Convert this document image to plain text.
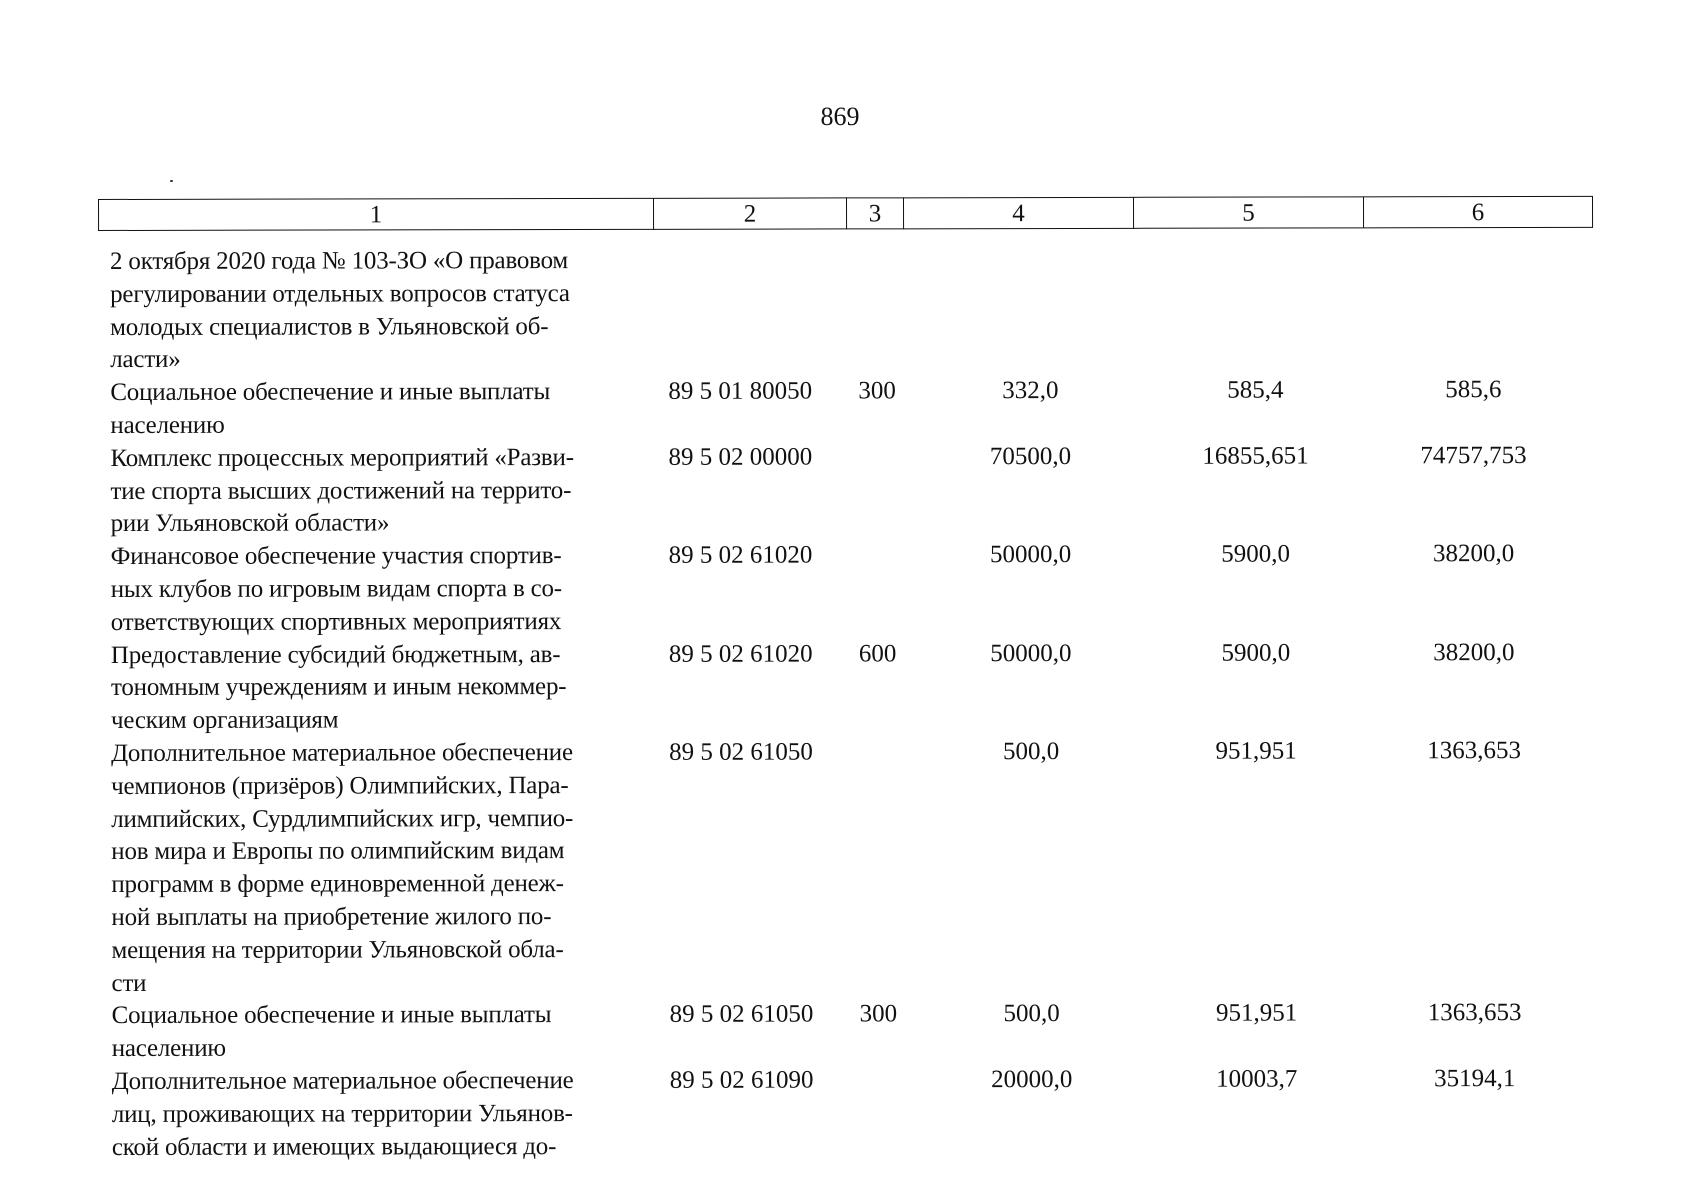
869
1	2	3	4	5	6
2 октября 2020 года № 103-ЗО «О правовом
регулировании отдельных вопросов статуса
молодых специалистов в Ульяновской об-
ласти»
Социальное обеспечение и иные выплаты
населению
89 5 01 80050	300	332,0	585,4	585,6
Комплекс процессных мероприятий «Разви-
тие спорта высших достижений на террито-
рии Ульяновской области»
89 5 02 00000	70500,0	16855,651	74757,753
Финансовое обеспечение участия спортив-
ных клубов по игровым видам спорта в со-
ответствующих спортивных мероприятиях
89 5 02 61020	50000,0	5900,0	38200,0
Предоставление субсидий бюджетным, ав-
тономным учреждениям и иным некоммер-
ческим организациям
89 5 02 61020	600	50000,0	5900,0	38200,0
Дополнительное материальное обеспечение
чемпионов (призёров) Олимпийских, Пара-
лимпийских, Сурдлимпийских игр, чемпио-
нов мира и Европы по олимпийским видам
программ в форме единовременной денеж-
ной выплаты на приобретение жилого по-
мещения на территории Ульяновской обла-
сти
89 5 02 61050	500,0	951,951	1363,653
Социальное обеспечение и иные выплаты
населению
89 5 02 61050	300	500,0	951,951	1363,653
Дополнительное материальное обеспечение
лиц, проживающих на территории Ульянов-
ской области и имеющих выдающиеся до-
89 5 02 61090	20000,0	10003,7	35194,1
